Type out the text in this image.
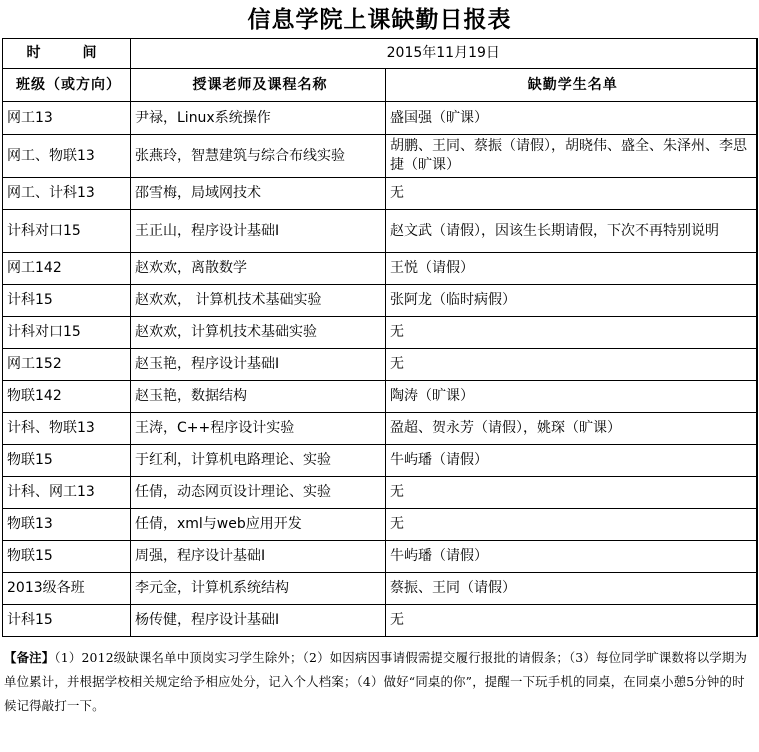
信息学院上课缺勤日报表
时　间	2015年11月19日	
班级（或方向）	授课老师及课程名称	缺勤学生名单
网工13	尹禄，Linux系统操作	盛国强（旷课）
网工、物联13	张燕玲，智慧建筑与综合布线实验	胡鹏、王同、蔡振（请假），胡晓伟、盛全、朱泽州、李思捷（旷课）
网工、计科13	邵雪梅，局域网技术	无
计科对口15	王正山，程序设计基础I	赵文武（请假），因该生长期请假，下次不再特别说明
网工142	赵欢欢，离散数学	王悦（请假）
计科15	赵欢欢， 计算机技术基础实验	张阿龙（临时病假）
计科对口15	赵欢欢，计算机技术基础实验	无
网工152	赵玉艳，程序设计基础I	无
物联142	赵玉艳，数据结构	陶涛（旷课）
计科、物联13	王涛，C++程序设计实验	盈超、贺永芳（请假），姚琛（旷课）
物联15	于红利，计算机电路理论、实验	牛屿璠（请假）
计科、网工13	任倩，动态网页设计理论、实验	无
物联13	任倩，xml与web应用开发	无
物联15	周强，程序设计基础I	牛屿璠（请假）
2013级各班	李元金，计算机系统结构	蔡振、王同（请假）
计科15	杨传健，程序设计基础I	无
【备注】（1）2012级缺课名单中顶岗实习学生除外；（2）如因病因事请假需提交履行报批的请假条；（3）每位同学旷课数将以学期为单位累计，并根据学校相关规定给予相应处分，记入个人档案；（4）做好“同桌的你”，提醒一下玩手机的同桌，在同桌小憩5分钟的时候记得敲打一下。
